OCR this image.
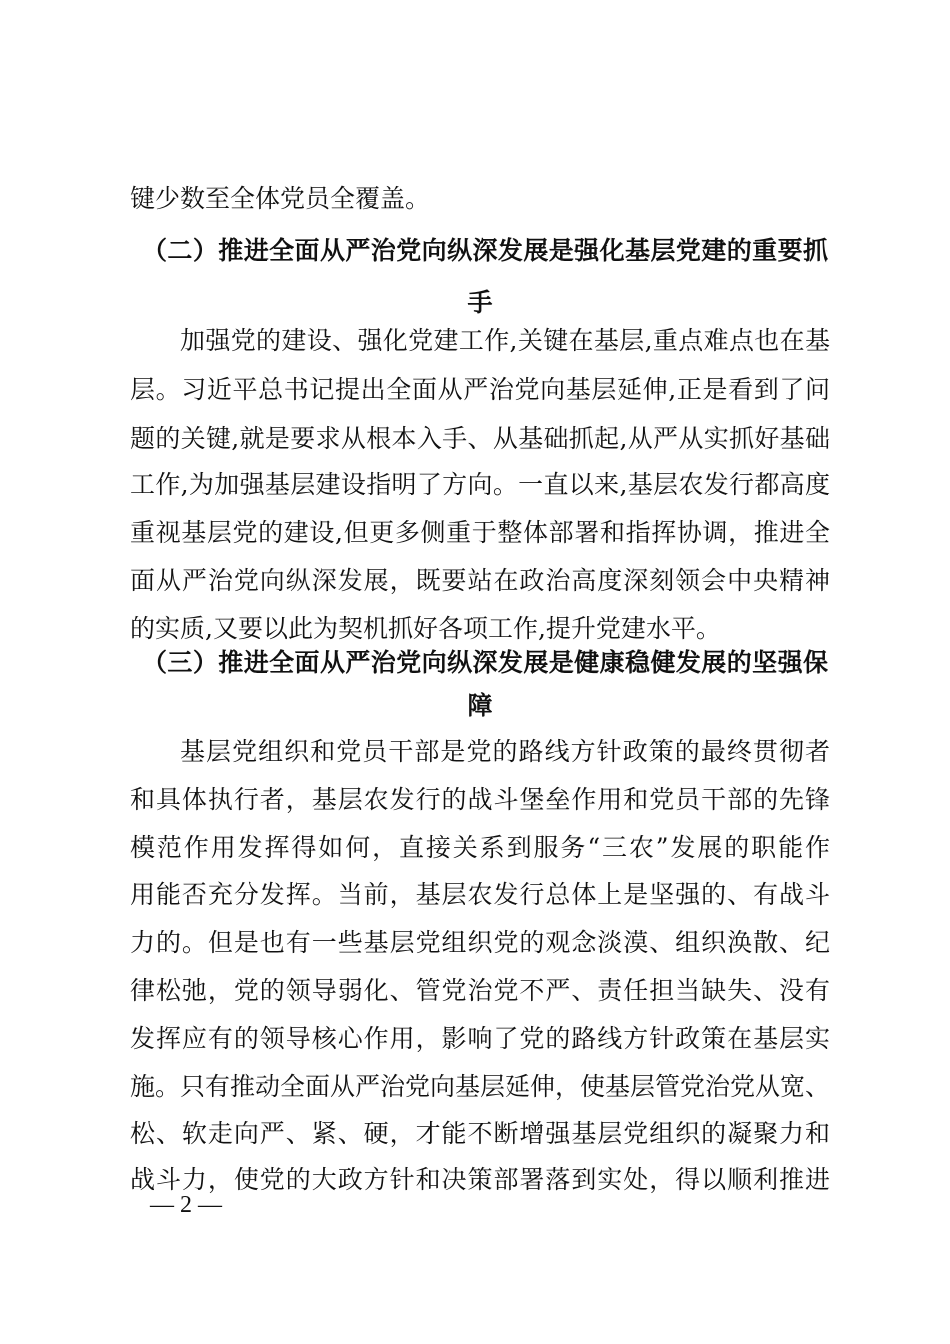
键少数至全体党员全覆盖。
（二）推进全面从严治党向纵深发展是强化基层党建的重要抓
手
加强党的建设、强化党建工作,关键在基层,重点难点也在基
层。习近平总书记提出全面从严治党向基层延伸,正是看到了问
题的关键,就是要求从根本入手、从基础抓起,从严从实抓好基础
工作,为加强基层建设指明了方向。一直以来,基层农发行都高度
重视基层党的建设,但更多侧重于整体部署和指挥协调，推进全
面从严治党向纵深发展，既要站在政治高度深刻领会中央精神
的实质,又要以此为契机抓好各项工作,提升党建水平。
（三）推进全面从严治党向纵深发展是健康稳健发展的坚强保
障
基层党组织和党员干部是党的路线方针政策的最终贯彻者
和具体执行者，基层农发行的战斗堡垒作用和党员干部的先锋
模范作用发挥得如何，直接关系到服务“三农”发展的职能作
用能否充分发挥。当前，基层农发行总体上是坚强的、有战斗
力的。但是也有一些基层党组织党的观念淡漠、组织涣散、纪
律松弛，党的领导弱化、管党治党不严、责任担当缺失、没有
发挥应有的领导核心作用，影响了党的路线方针政策在基层实
施。只有推动全面从严治党向基层延伸，使基层管党治党从宽、
松、软走向严、紧、硬，才能不断增强基层党组织的凝聚力和
战斗力，使党的大政方针和决策部署落到实处，得以顺利推进
— 2 —
